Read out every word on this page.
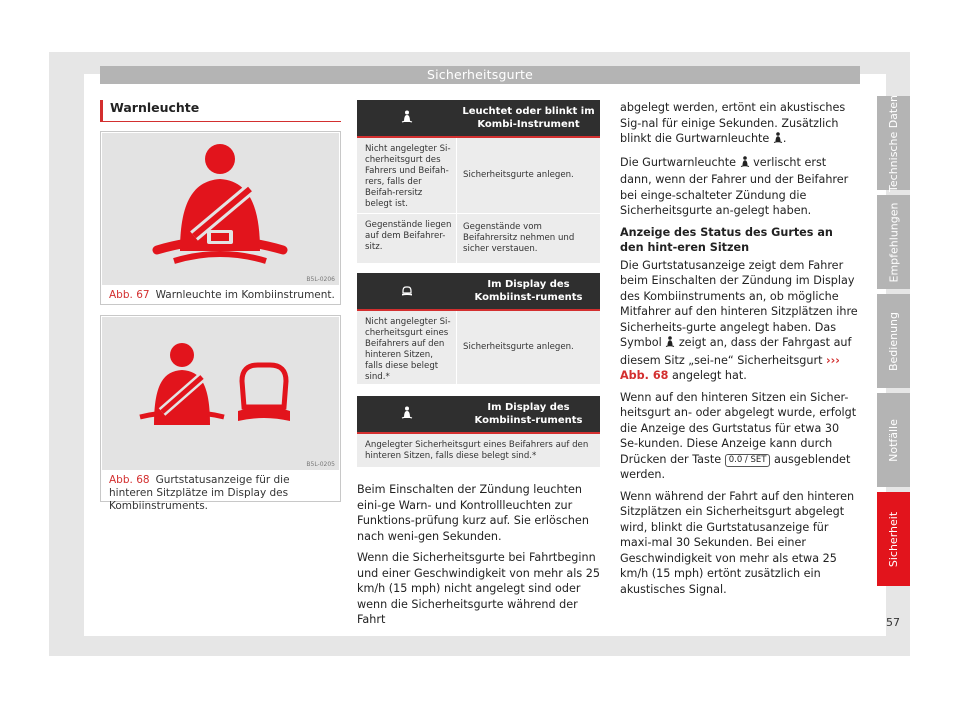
Sicherheitsgurte
Warnleuchte
B5L-0206
Abb. 67 Warnleuchte im Kombiinstrument.
B5L-0205
Abb. 68 Gurtstatusanzeige für die hinteren Sitzplätze im Display des Kombiinstruments.
Leuchtet oder blinkt im Kombi-Instrument
Nicht angelegter Si-cherheitsgurt des Fahrers und Beifah-rers, falls der Beifah-rersitz belegt ist.
Sicherheitsgurte anlegen.
Gegenstände liegen auf dem Beifahrer-sitz.
Gegenstände vom Beifahrersitz nehmen und sicher verstauen.
Im Display des Kombiinst-ruments
Nicht angelegter Si-cherheitsgurt eines Beifahrers auf den hinteren Sitzen, falls diese belegt sind.*
Sicherheitsgurte anlegen.
Im Display des Kombiinst-ruments
Angelegter Sicherheitsgurt eines Beifahrers auf den hinteren Sitzen, falls diese belegt sind.*

Beim Einschalten der Zündung leuchten eini-ge Warn- und Kontrollleuchten zur Funktions-prüfung kurz auf. Sie erlöschen nach weni-gen Sekunden.

Wenn die Sicherheitsgurte bei Fahrtbeginn und einer Geschwindigkeit von mehr als 25 km/h (15 mph) nicht angelegt sind oder wenn die Sicherheitsgurte während der Fahrt

abgelegt werden, ertönt ein akustisches Sig-nal für einige Sekunden. Zusätzlich blinkt die Gurtwarnleuchte .

Die Gurtwarnleuchte verlischt erst dann, wenn der Fahrer und der Beifahrer bei einge-schalteter Zündung die Sicherheitsgurte an-gelegt haben.

Anzeige des Status des Gurtes an den hint-eren Sitzen

Die Gurtstatusanzeige zeigt dem Fahrer beim Einschalten der Zündung im Display des Kombiinstruments an, ob mögliche Mitfahrer auf den hinteren Sitzplätzen ihre Sicherheits-gurte angelegt haben. Das Symbol zeigt an, dass der Fahrgast auf diesem Sitz „sei-ne“ Sicherheitsgurt ››› Abb. 68 angelegt hat.

Wenn auf den hinteren Sitzen ein Sicher-heitsgurt an- oder abgelegt wurde, erfolgt die Anzeige des Gurtstatus für etwa 30 Se-kunden. Diese Anzeige kann durch Drücken der Taste 0.0 / SET ausgeblendet werden.

Wenn während der Fahrt auf den hinteren Sitzplätzen ein Sicherheitsgurt abgelegt wird, blinkt die Gurtstatusanzeige für maxi-mal 30 Sekunden. Bei einer Geschwindigkeit von mehr als etwa 25 km/h (15 mph) ertönt zusätzlich ein akustisches Signal.

Technische Daten
Empfehlungen
Bedienung
Notfälle
Sicherheit
57
